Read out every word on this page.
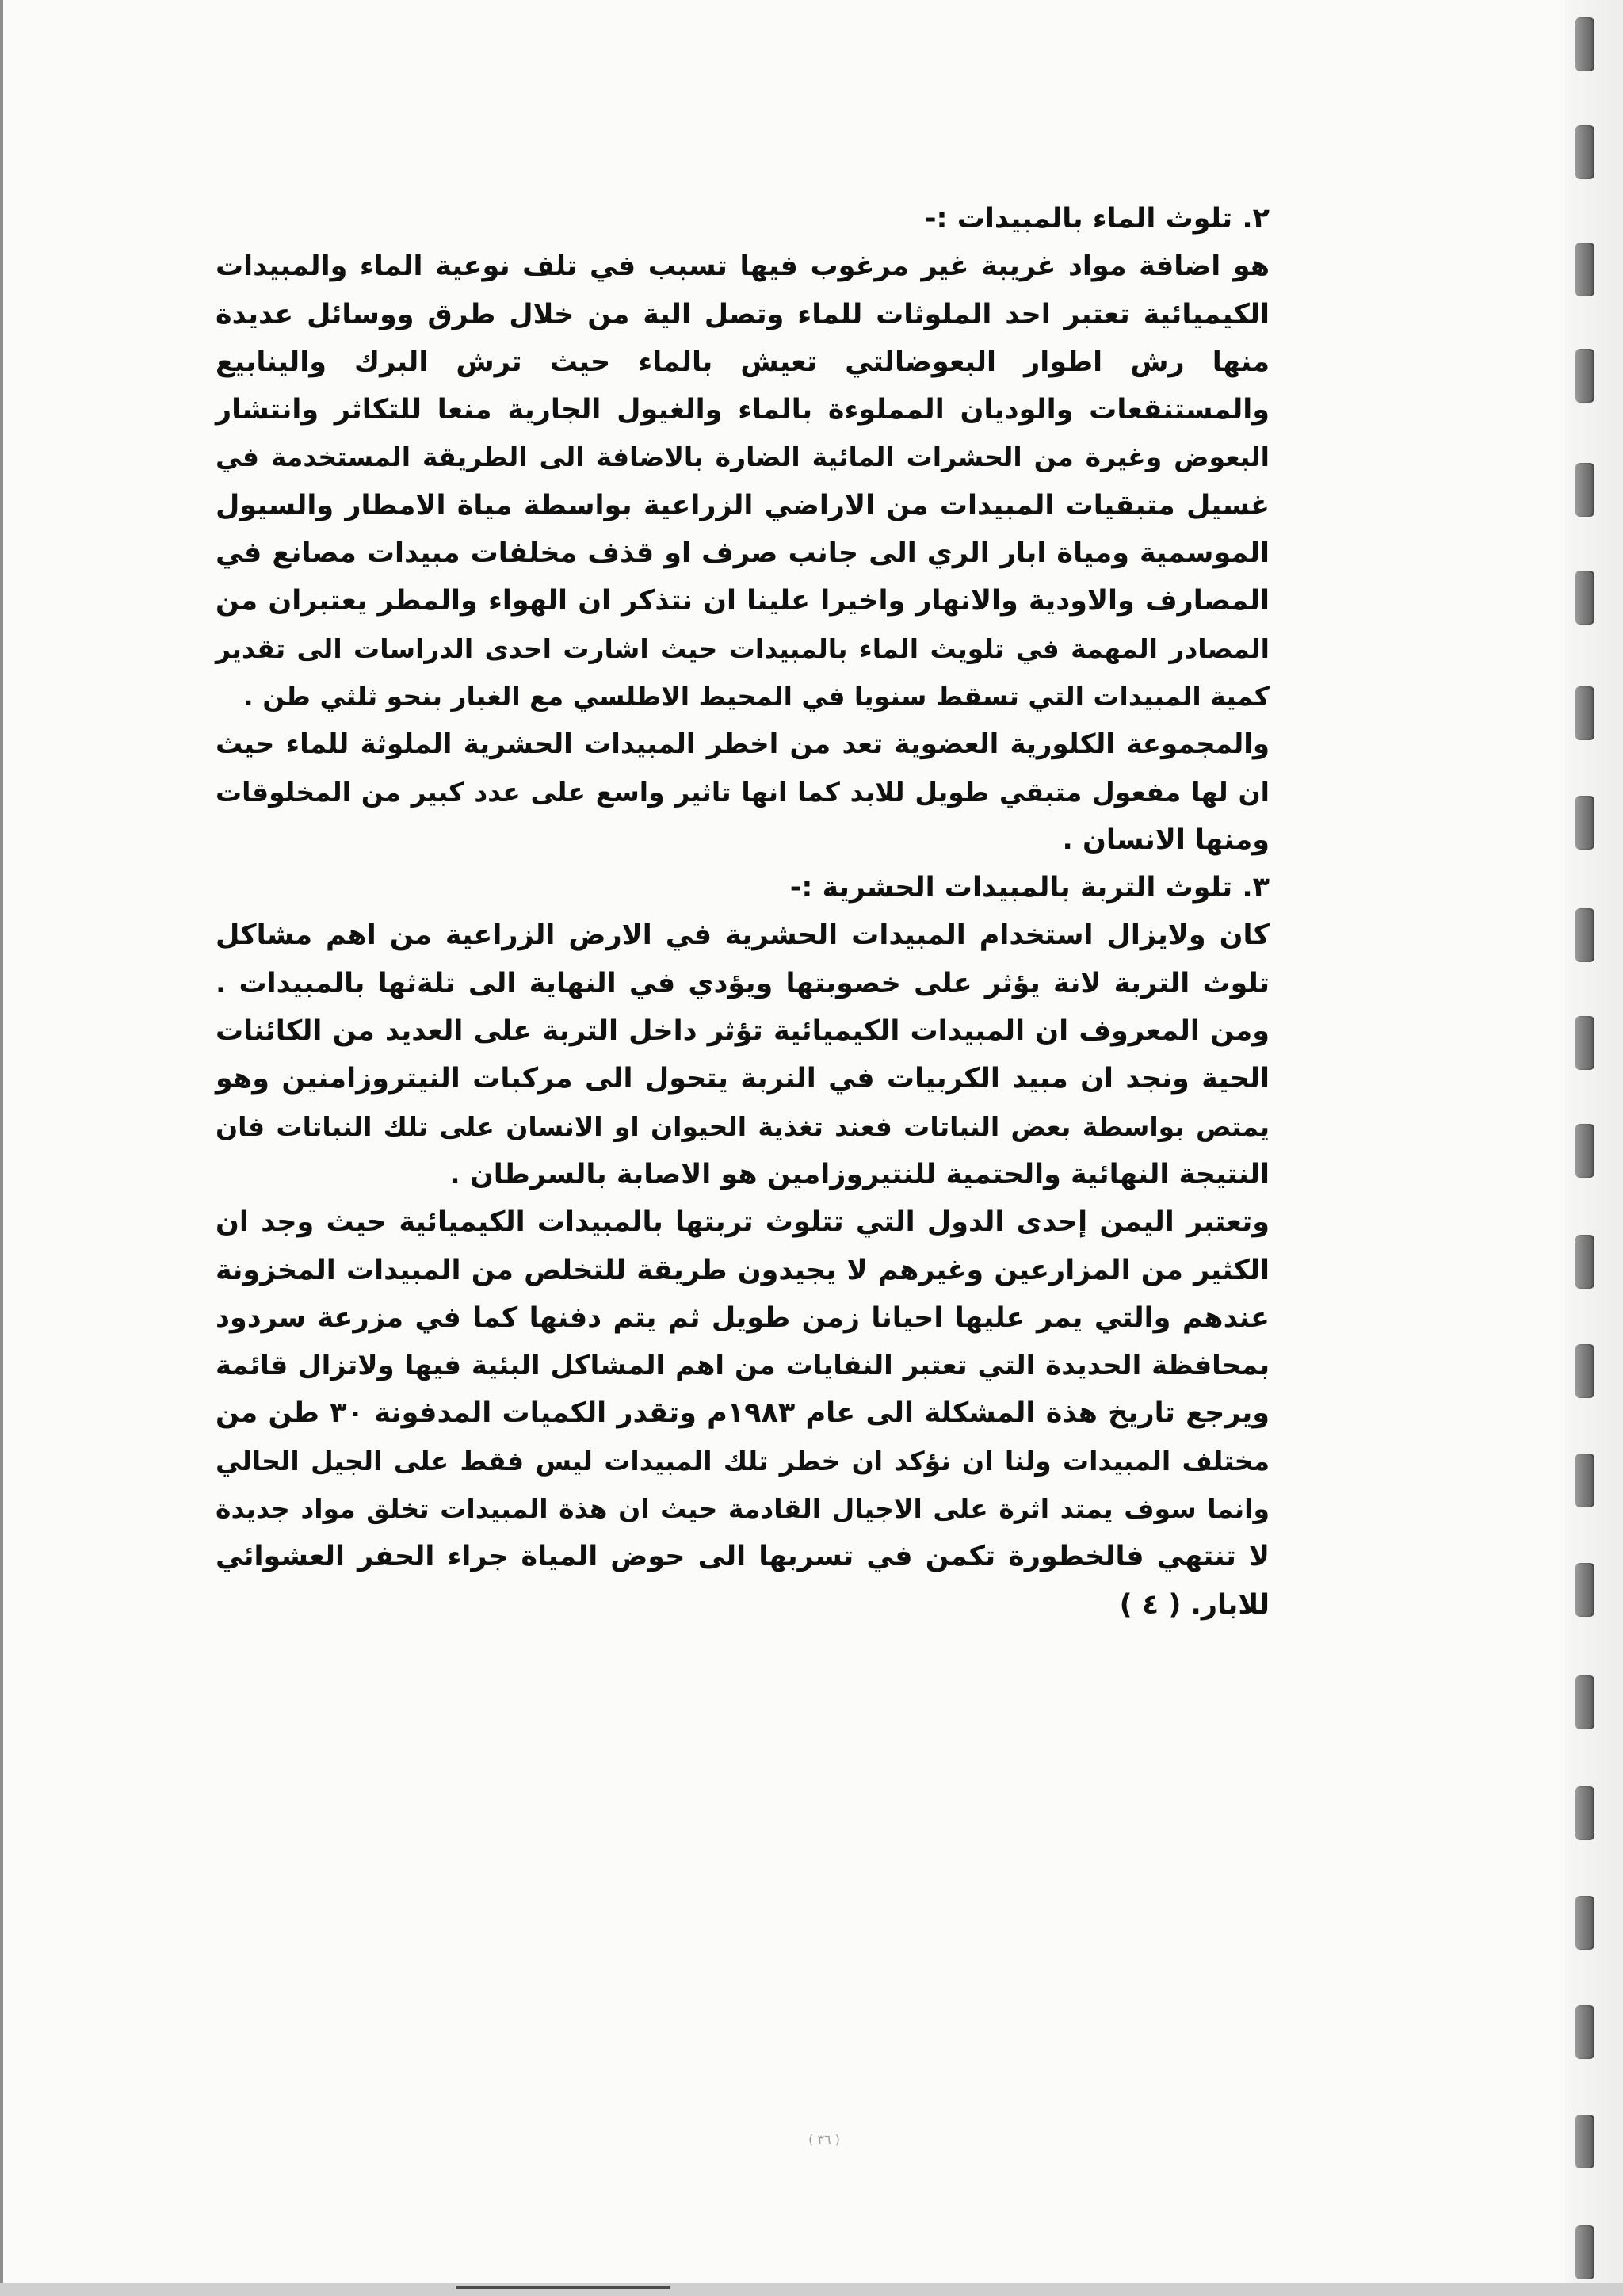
٢. تلوث الماء بالمبيدات :-
هو اضافة مواد غريبة غير مرغوب فيها تسبب في تلف نوعية الماء والمبيدات
الكيميائية تعتبر احد الملوثات للماء وتصل الية من خلال طرق ووسائل عديدة
منها رش اطوار البعوضالتي تعيش بالماء حيث ترش البرك والينابيع
والمستنقعات والوديان المملوءة بالماء والغيول الجارية منعا للتكاثر وانتشار
البعوض وغيرة من الحشرات المائية الضارة بالاضافة الى الطريقة المستخدمة في
غسيل متبقيات المبيدات من الاراضي الزراعية بواسطة مياة الامطار والسيول
الموسمية ومياة ابار الري الى جانب صرف او قذف مخلفات مبيدات مصانع في
المصارف والاودية والانهار واخيرا علينا ان نتذكر ان الهواء والمطر يعتبران من
المصادر المهمة في تلويث الماء بالمبيدات حيث اشارت احدى الدراسات الى تقدير
كمية المبيدات التي تسقط سنويا في المحيط الاطلسي مع الغبار بنحو ثلثي طن .
والمجموعة الكلورية العضوية تعد من اخطر المبيدات الحشرية الملوثة للماء حيث
ان لها مفعول متبقي طويل للابد كما انها تاثير واسع على عدد كبير من المخلوقات
ومنها الانسان .
٣. تلوث التربة بالمبيدات الحشرية :-
كان ولايزال استخدام المبيدات الحشرية في الارض الزراعية من اهم مشاكل
تلوث التربة لانة يؤثر على خصوبتها ويؤدي في النهاية الى تلةثها بالمبيدات .
ومن المعروف ان المبيدات الكيميائية تؤثر داخل التربة على العديد من الكائنات
الحية ونجد ان مبيد الكربيات في النربة يتحول الى مركبات النيتروزامنين وهو
يمتص بواسطة بعض النباتات فعند تغذية الحيوان او الانسان على تلك النباتات فان
النتيجة النهائية والحتمية للنتيروزامين هو الاصابة بالسرطان .
وتعتبر اليمن إحدى الدول التي تتلوث تربتها بالمبيدات الكيميائية حيث وجد ان
الكثير من المزارعين وغيرهم لا يجيدون طريقة للتخلص من المبيدات المخزونة
عندهم والتي يمر عليها احيانا زمن طويل ثم يتم دفنها كما في مزرعة سردود
بمحافظة الحديدة التي تعتبر النفايات من اهم المشاكل البئية فيها ولاتزال قائمة
ويرجع تاريخ هذة المشكلة الى عام ١٩٨٣م وتقدر الكميات المدفونة ٣٠ طن من
مختلف المبيدات ولنا ان نؤكد ان خطر تلك المبيدات ليس فقط على الجيل الحالي
وانما سوف يمتد اثرة على الاجيال القادمة حيث ان هذة المبيدات تخلق مواد جديدة
لا تنتهي فالخطورة تكمن في تسربها الى حوض المياة جراء الحفر العشوائي
للابار. ( ٤ )
( ٣٦ )
